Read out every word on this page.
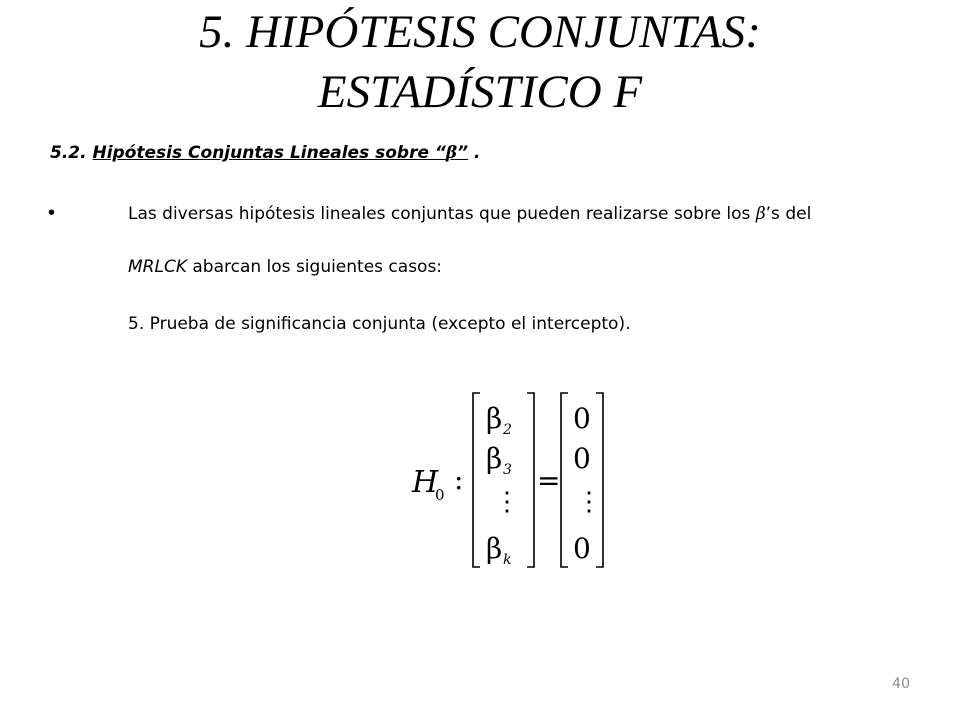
5. HIPÓTESIS CONJUNTAS:
ESTADÍSTICO F
5.2. Hipótesis Conjuntas Lineales sobre “β” .
•	Las diversas hipótesis lineales conjuntas que pueden realizarse sobre los β’s del
MRLCK abarcan los siguientes casos:
5. Prueba de significancia conjunta (excepto el intercepto).
H
0 :
β 2
β 3
⋮
β k
=
0
0
⋮
0
40
